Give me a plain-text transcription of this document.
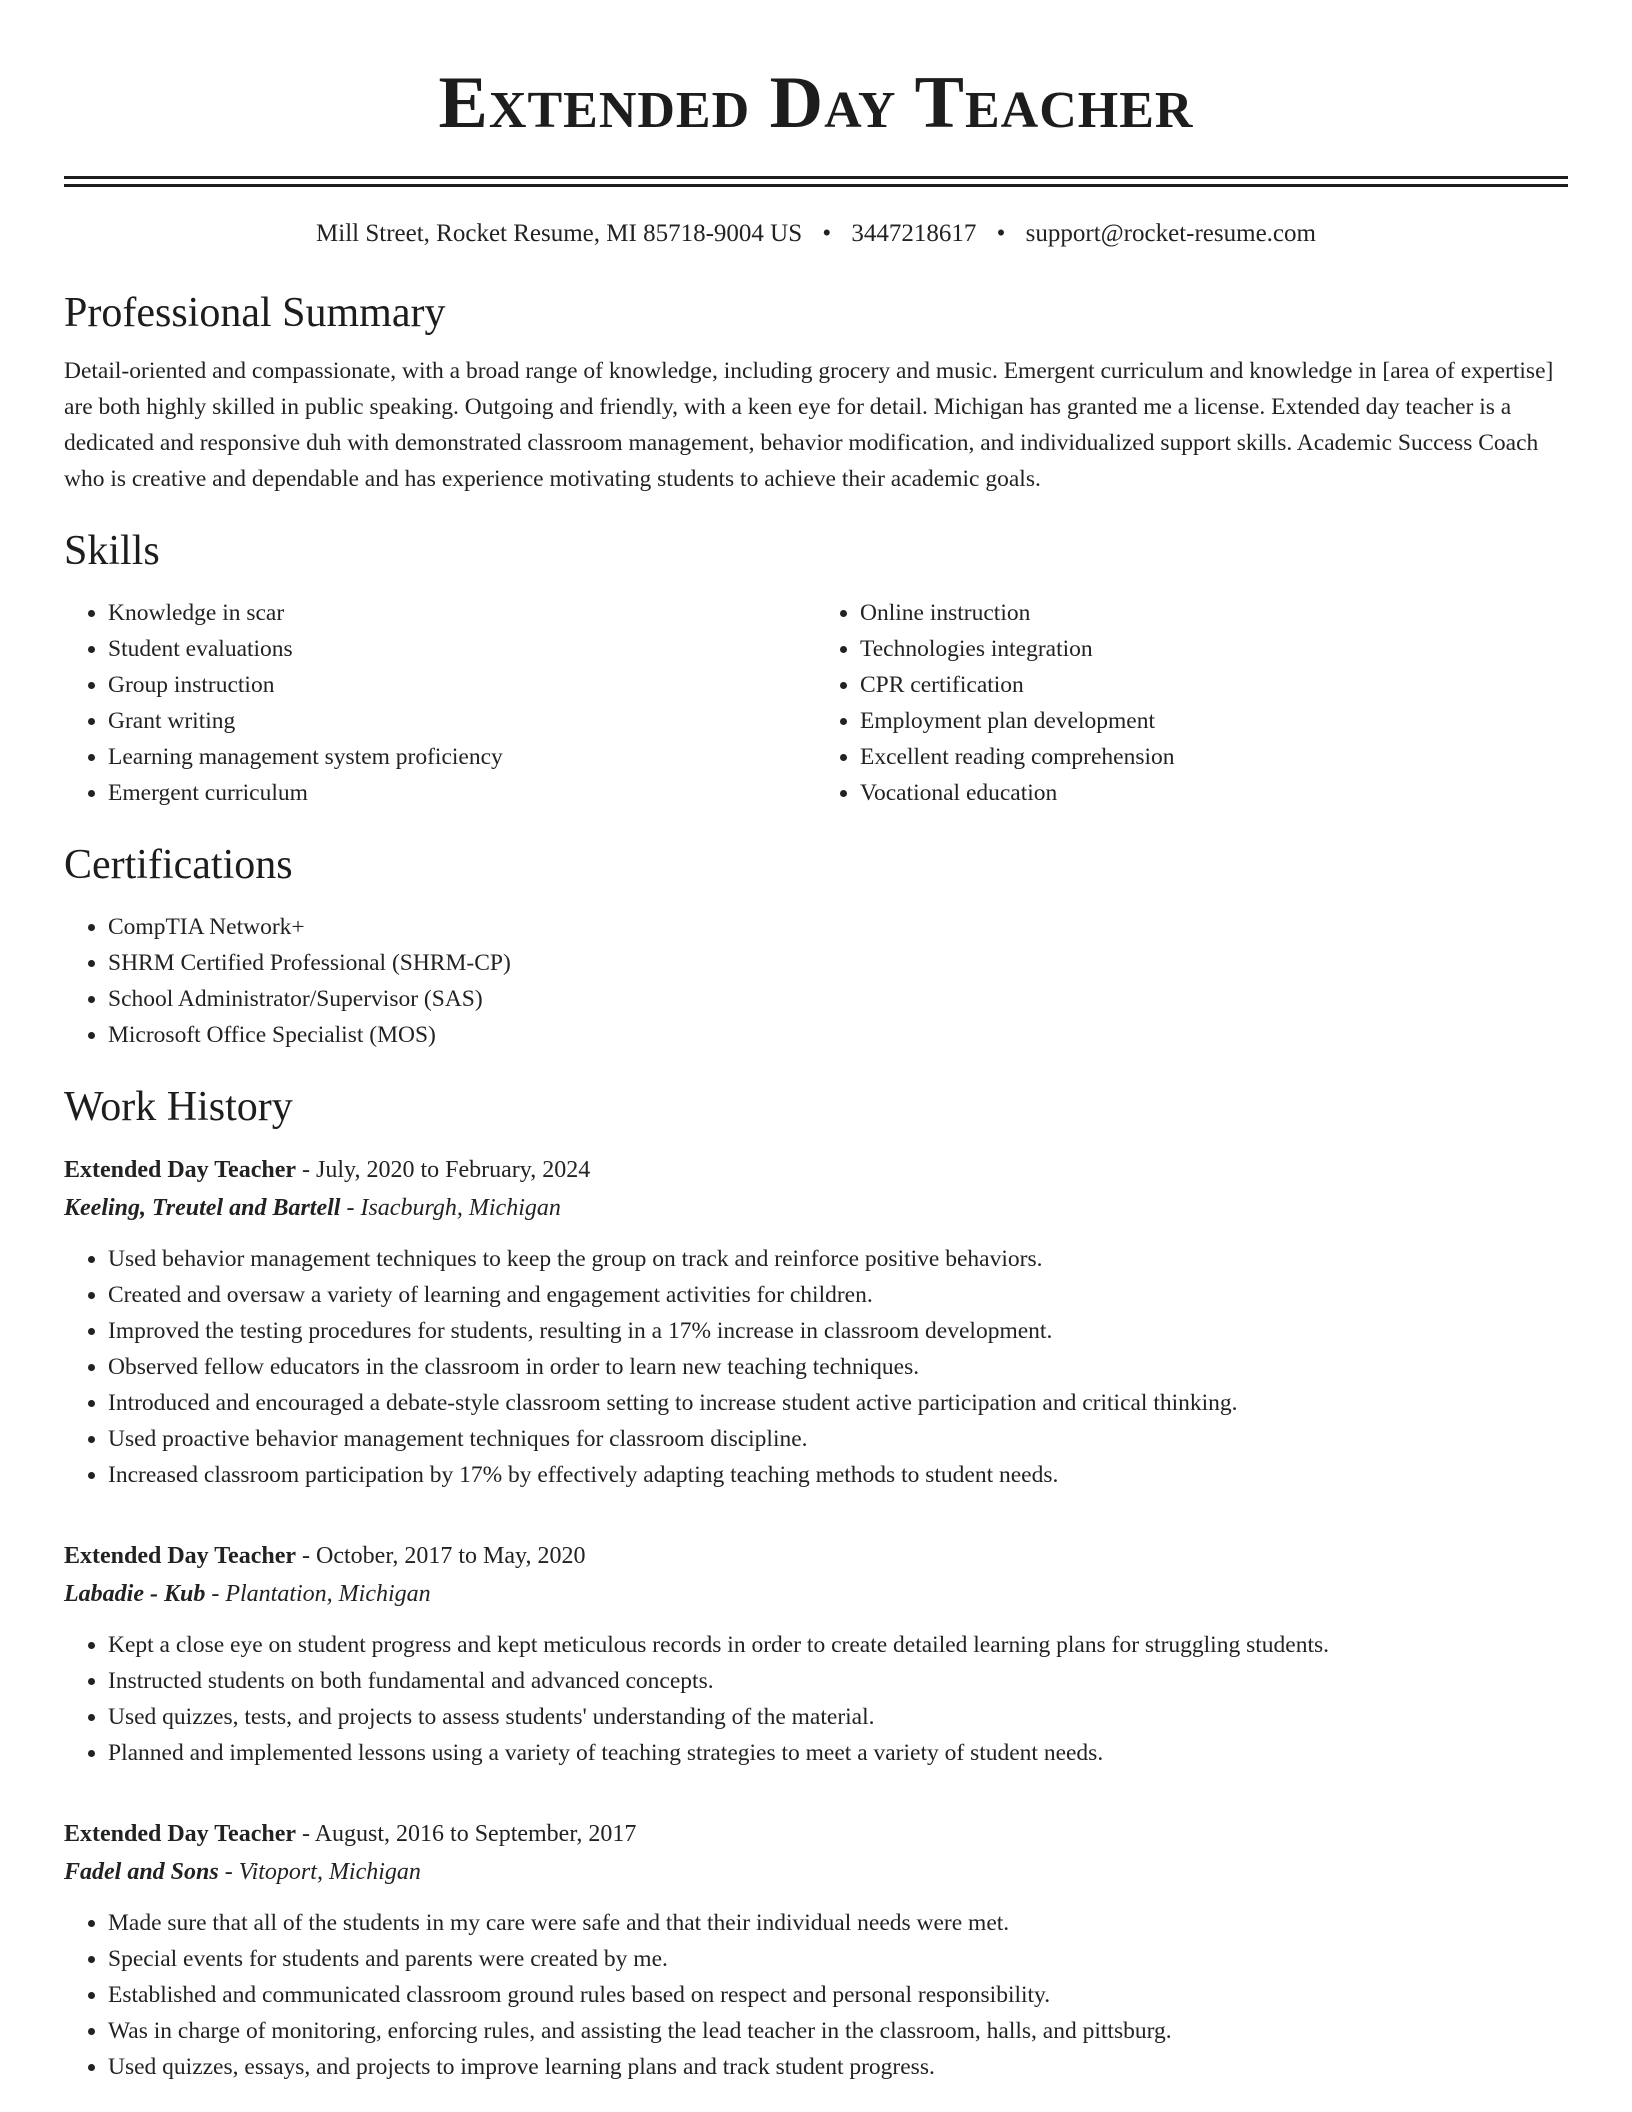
Extended Day Teacher
Mill Street, Rocket Resume, MI 85718-9004 US • 3447218617 • support@rocket-resume.com
Professional Summary

Detail-oriented and compassionate, with a broad range of knowledge, including grocery and music. Emergent curriculum and knowledge in [area of expertise] are both highly skilled in public speaking. Outgoing and friendly, with a keen eye for detail. Michigan has granted me a license. Extended day teacher is a dedicated and responsive duh with demonstrated classroom management, behavior modification, and individualized support skills. Academic Success Coach who is creative and dependable and has experience motivating students to achieve their academic goals.

Skills
• Knowledge in scar
• Student evaluations
• Group instruction
• Grant writing
• Learning management system proficiency
• Emergent curriculum
• Online instruction
• Technologies integration
• CPR certification
• Employment plan development
• Excellent reading comprehension
• Vocational education
Certifications
• CompTIA Network+
• SHRM Certified Professional (SHRM-CP)
• School Administrator/Supervisor (SAS)
• Microsoft Office Specialist (MOS)
Work History
Extended Day Teacher - July, 2020 to February, 2024
Keeling, Treutel and Bartell - Isacburgh, Michigan
• Used behavior management techniques to keep the group on track and reinforce positive behaviors.
• Created and oversaw a variety of learning and engagement activities for children.
• Improved the testing procedures for students, resulting in a 17% increase in classroom development.
• Observed fellow educators in the classroom in order to learn new teaching techniques.
• Introduced and encouraged a debate-style classroom setting to increase student active participation and critical thinking.
• Used proactive behavior management techniques for classroom discipline.
• Increased classroom participation by 17% by effectively adapting teaching methods to student needs.
Extended Day Teacher - October, 2017 to May, 2020
Labadie - Kub - Plantation, Michigan
• Kept a close eye on student progress and kept meticulous records in order to create detailed learning plans for struggling students.
• Instructed students on both fundamental and advanced concepts.
• Used quizzes, tests, and projects to assess students' understanding of the material.
• Planned and implemented lessons using a variety of teaching strategies to meet a variety of student needs.
Extended Day Teacher - August, 2016 to September, 2017
Fadel and Sons - Vitoport, Michigan
• Made sure that all of the students in my care were safe and that their individual needs were met.
• Special events for students and parents were created by me.
• Established and communicated classroom ground rules based on respect and personal responsibility.
• Was in charge of monitoring, enforcing rules, and assisting the lead teacher in the classroom, halls, and pittsburg.
• Used quizzes, essays, and projects to improve learning plans and track student progress.
